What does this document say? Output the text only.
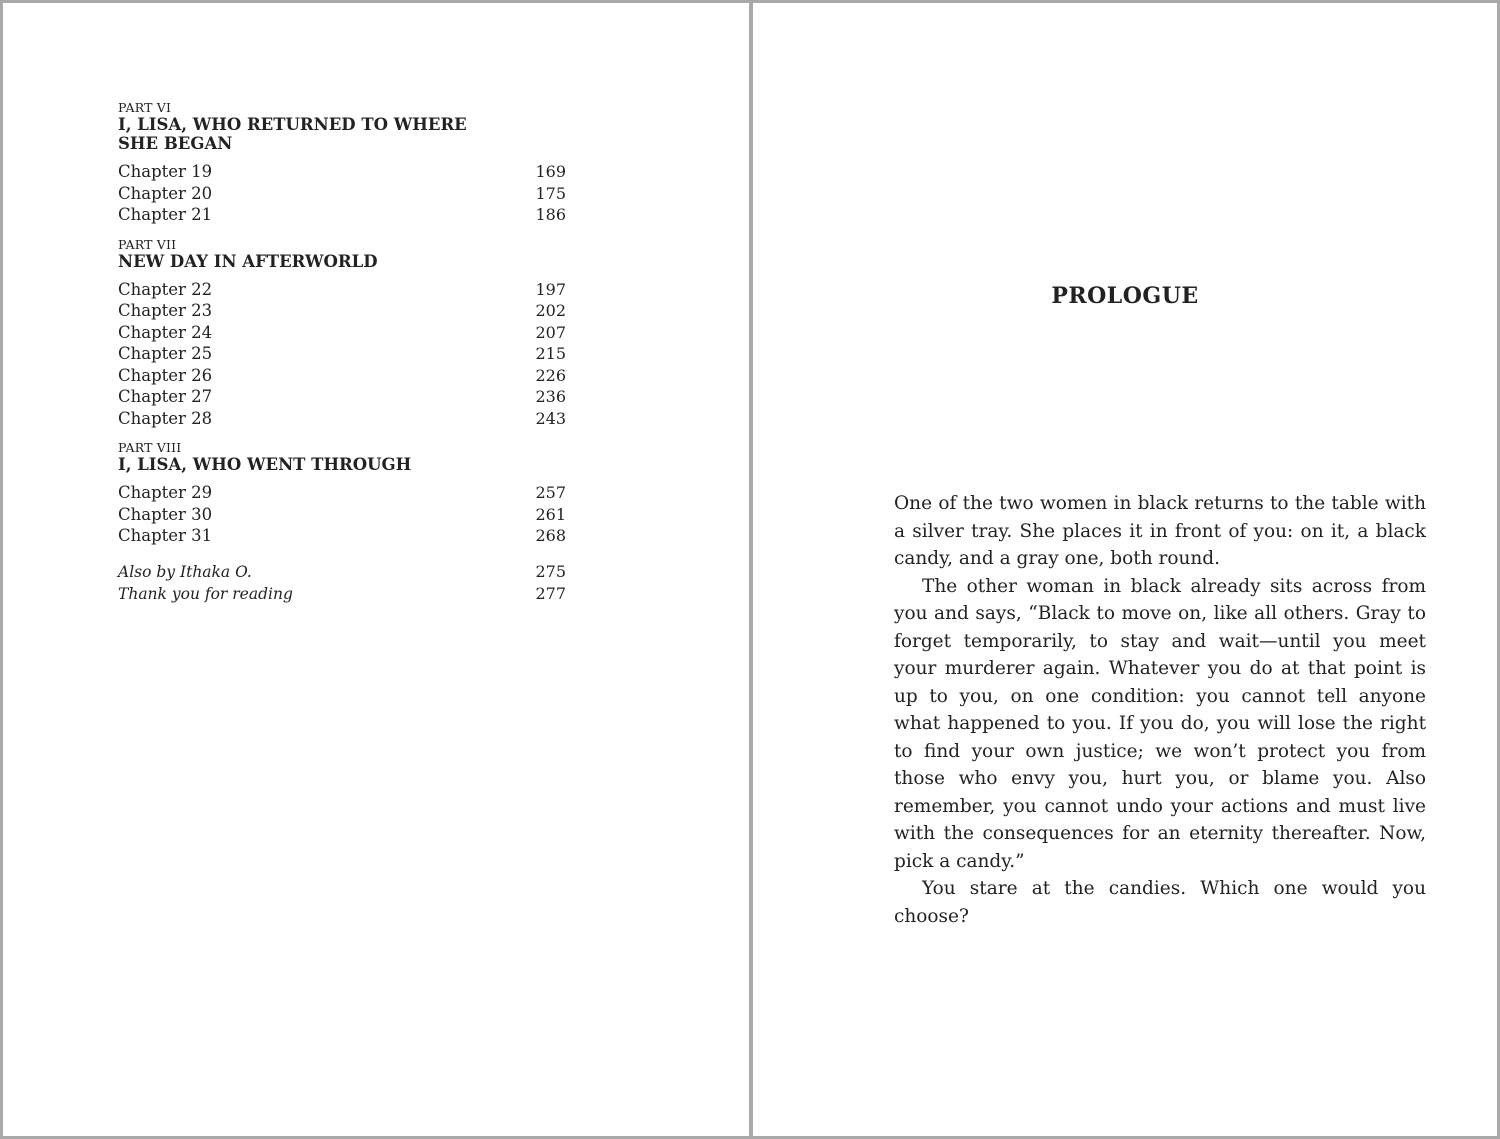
PART VI
I, LISA, WHO RETURNED TO WHERE SHE BEGAN
Chapter 19	169
Chapter 20	175
Chapter 21	186
PART VII
NEW DAY IN AFTERWORLD
Chapter 22	197
Chapter 23	202
Chapter 24	207
Chapter 25	215
Chapter 26	226
Chapter 27	236
Chapter 28	243
PART VIII
I, LISA, WHO WENT THROUGH
Chapter 29	257
Chapter 30	261
Chapter 31	268
Also by Ithaka O.	275
Thank you for reading	277
PROLOGUE

One of the two women in black returns to the table with a silver tray. She places it in front of you: on it, a black candy, and a gray one, both round.

The other woman in black already sits across from you and says, “Black to move on, like all others. Gray to forget temporarily, to stay and wait—until you meet your murderer again. Whatever you do at that point is up to you, on one condition: you cannot tell anyone what happened to you. If you do, you will lose the right to find your own justice; we won’t protect you from those who envy you, hurt you, or blame you. Also remember, you cannot undo your actions and must live with the consequences for an eternity thereafter. Now, pick a candy.”

You stare at the candies. Which one would you choose?
